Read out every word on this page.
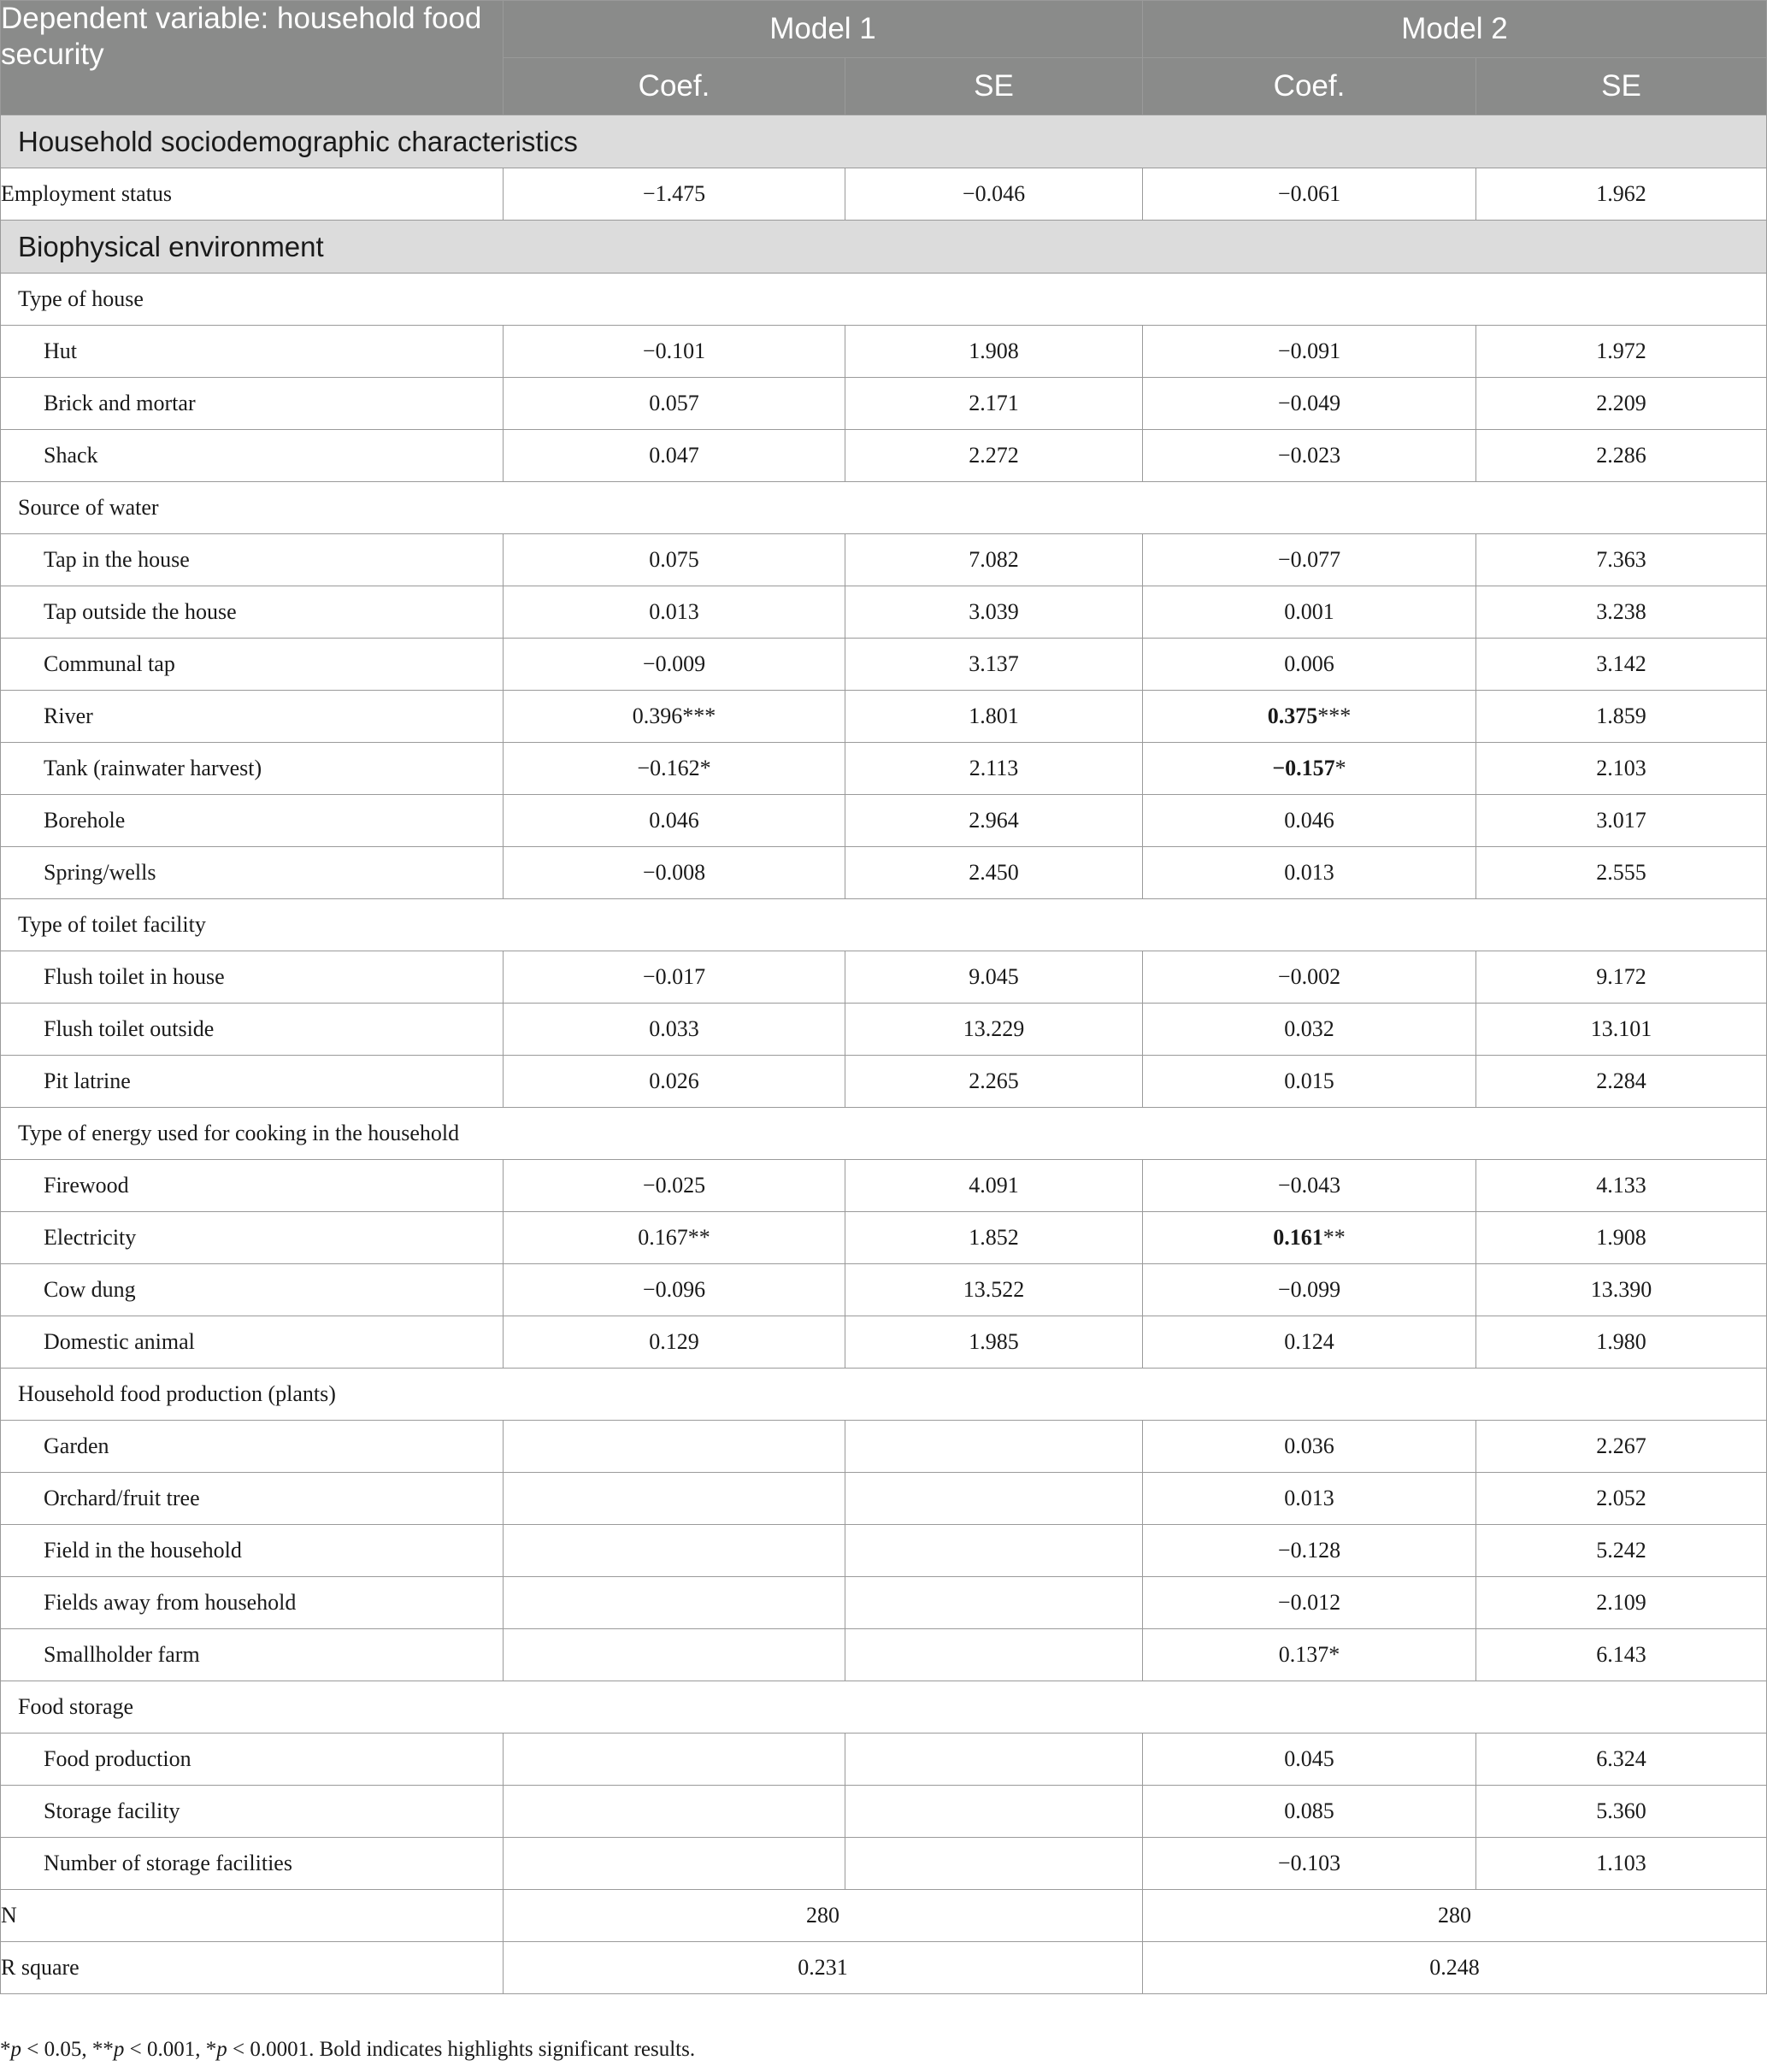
Dependent variable: household food security	Model 1		Model 2	
	Coef.	SE	Coef.	SE
Household sociodemographic characteristics				
Employment status	−1.475	−0.046	−0.061	1.962
Biophysical environment				
Type of house				
Hut	−0.101	1.908	−0.091	1.972
Brick and mortar	0.057	2.171	−0.049	2.209
Shack	0.047	2.272	−0.023	2.286
Source of water				
Tap in the house	0.075	7.082	−0.077	7.363
Tap outside the house	0.013	3.039	0.001	3.238
Communal tap	−0.009	3.137	0.006	3.142
River	0.396***	1.801	0.375***	1.859
Tank (rainwater harvest)	−0.162*	2.113	−0.157*	2.103
Borehole	0.046	2.964	0.046	3.017
Spring/wells	−0.008	2.450	0.013	2.555
Type of toilet facility				
Flush toilet in house	−0.017	9.045	−0.002	9.172
Flush toilet outside	0.033	13.229	0.032	13.101
Pit latrine	0.026	2.265	0.015	2.284
Type of energy used for cooking in the household				
Firewood	−0.025	4.091	−0.043	4.133
Electricity	0.167**	1.852	0.161**	1.908
Cow dung	−0.096	13.522	−0.099	13.390
Domestic animal	0.129	1.985	0.124	1.980
Household food production (plants)				
Garden			0.036	2.267
Orchard/fruit tree			0.013	2.052
Field in the household			−0.128	5.242
Fields away from household			−0.012	2.109
Smallholder farm			0.137*	6.143
Food storage				
Food production			0.045	6.324
Storage facility			0.085	5.360
Number of storage facilities			−0.103	1.103
N	280		280	
R square	0.231		0.248	
*p < 0.05, **p < 0.001, *p < 0.0001. Bold indicates highlights significant results.
